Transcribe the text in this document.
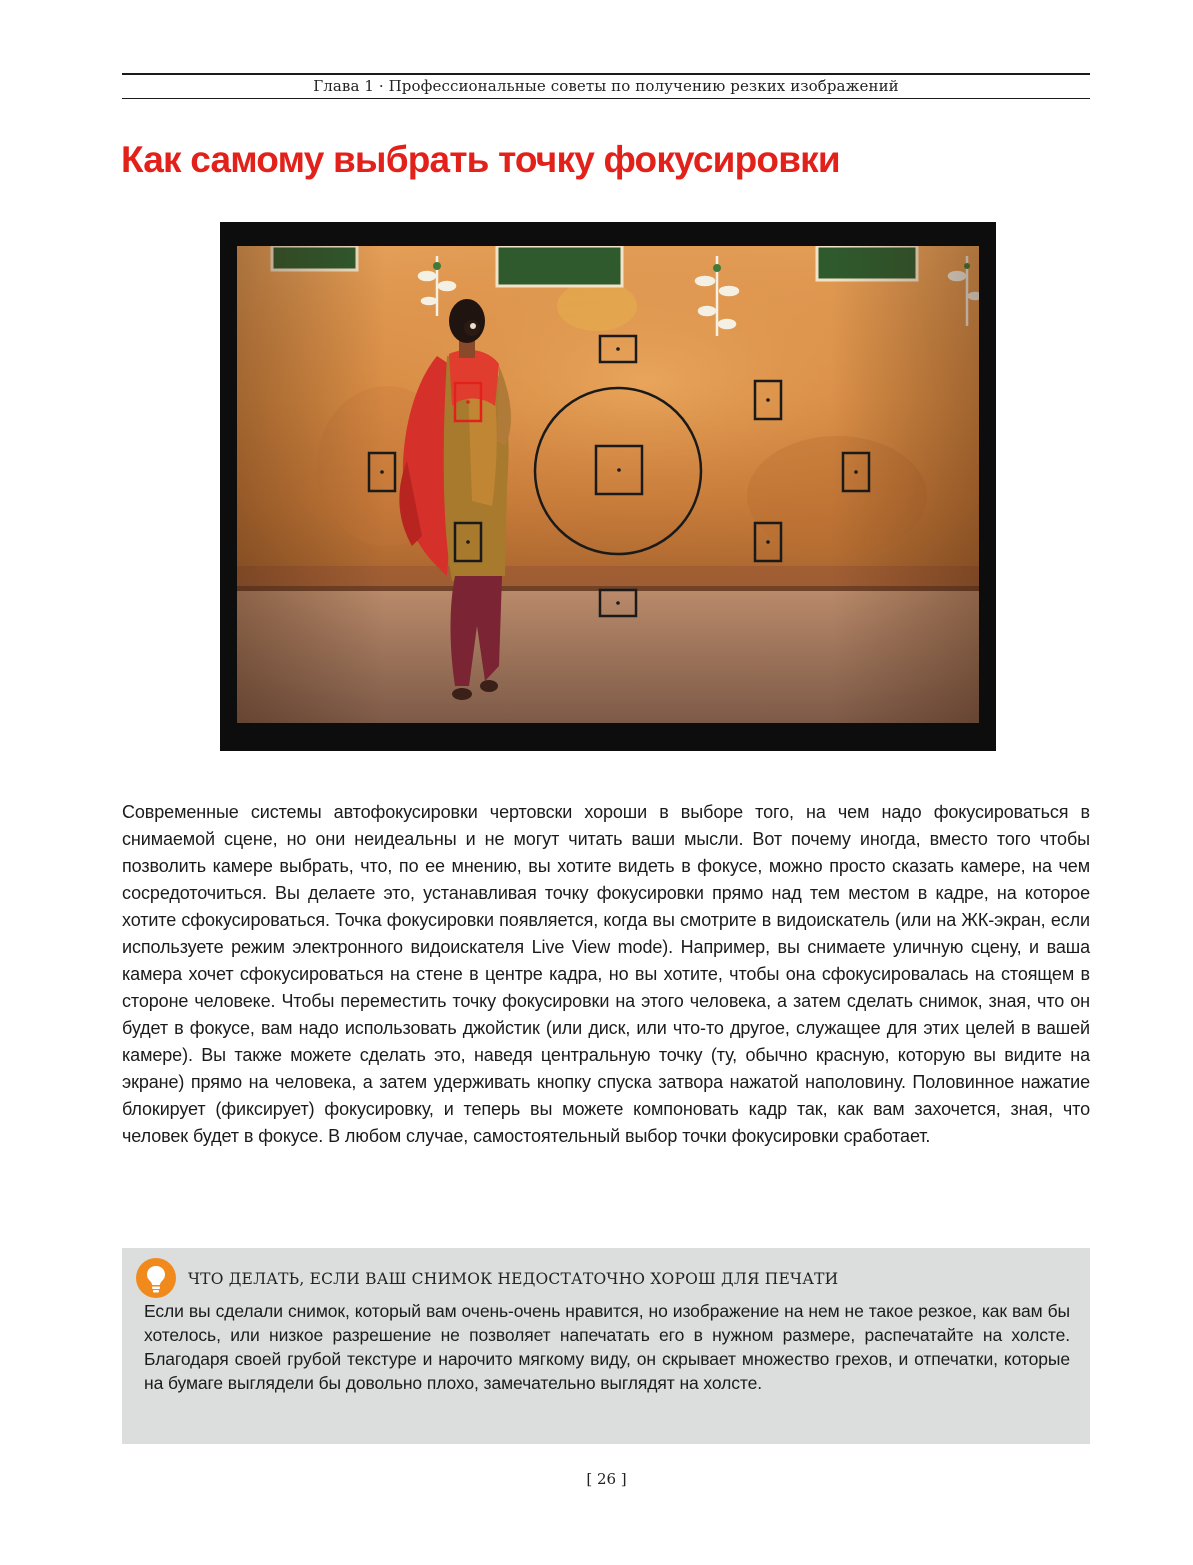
Глава 1 · Профессиональные советы по получению резких изображений
Как самому выбрать точку фокусировки

Современные системы автофокусировки чертовски хороши в выборе того, на чем надо фокусироваться в снимаемой сцене, но они неидеальны и не могут читать ваши мысли. Вот почему иногда, вместо того чтобы позволить камере выбрать, что, по ее мнению, вы хотите видеть в фокусе, можно просто сказать камере, на чем сосредоточиться. Вы делаете это, устанавливая точку фокусировки прямо над тем местом в кадре, на которое хотите сфокусироваться. Точка фокусировки появляется, когда вы смотрите в видоискатель (или на ЖК-экран, если используете режим электронного видоискателя Live View mode). Например, вы снимаете уличную сцену, и ваша камера хочет сфокусироваться на стене в центре кадра, но вы хотите, чтобы она сфокусировалась на стоящем в стороне человеке. Чтобы переместить точку фокусировки на этого человека, а затем сделать снимок, зная, что он будет в фокусе, вам надо использовать джойстик (или диск, или что-то другое, служащее для этих целей в вашей камере). Вы также можете сделать это, наведя центральную точку (ту, обычно красную, которую вы видите на экране) прямо на человека, а затем удерживать кнопку спуска затвора нажатой наполовину. Половинное нажатие блокирует (фиксирует) фокусировку, и теперь вы можете компоновать кадр так, как вам захочется, зная, что человек будет в фокусе. В любом случае, самостоятельный выбор точки фокусировки сработает.

ЧТО ДЕЛАТЬ, ЕСЛИ ВАШ СНИМОК НЕДОСТАТОЧНО ХОРОШ ДЛЯ ПЕЧАТИ

Если вы сделали снимок, который вам очень-очень нравится, но изображение на нем не такое резкое, как вам бы хотелось, или низкое разрешение не позволяет напечатать его в нужном размере, распечатайте на холсте. Благодаря своей грубой текстуре и нарочито мягкому виду, он скрывает множество грехов, и отпечатки, которые на бумаге выглядели бы довольно плохо, замечательно выглядят на холсте.

[ 26 ]
